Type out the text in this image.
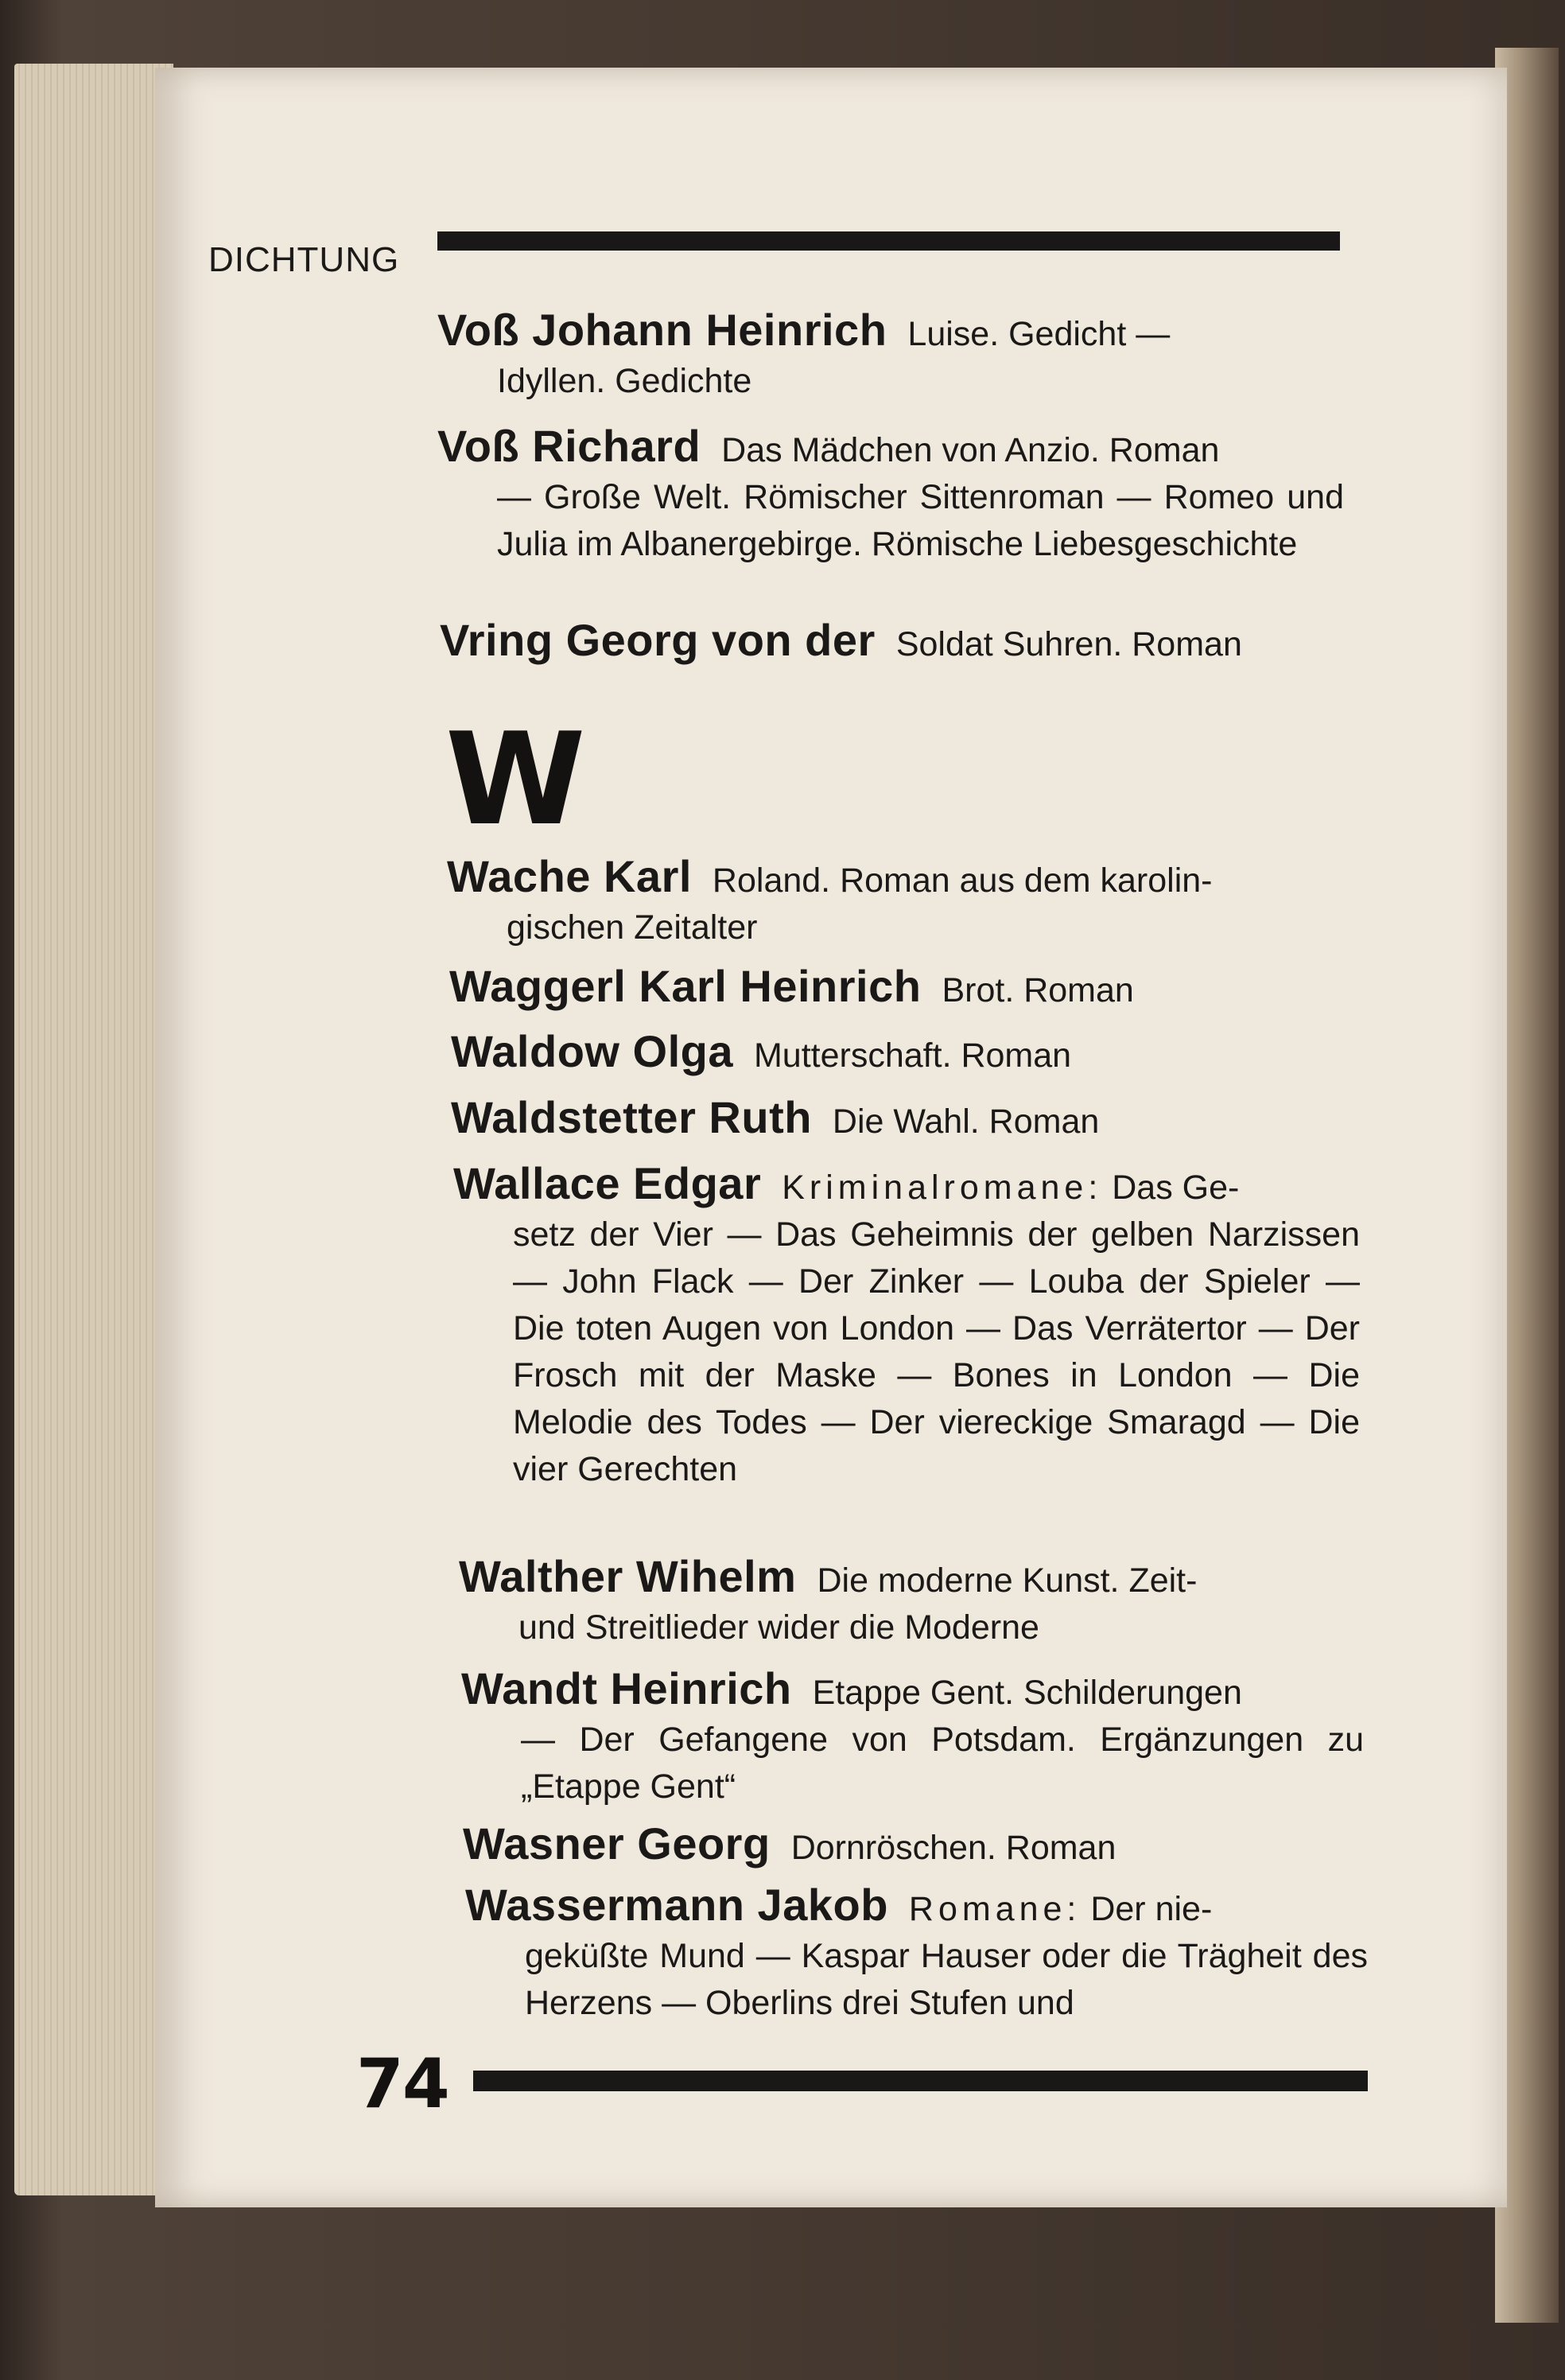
DICHTUNG
Voß Johann Heinrich Luise. Gedicht —
Idyllen. Gedichte
Voß Richard Das Mädchen von Anzio. Roman
— Große Welt. Römischer Sittenroman — Romeo und Julia im Albanergebirge. Römische Liebesgeschichte
Vring Georg von der Soldat Suhren. Roman
W
Wache Karl Roland. Roman aus dem karolin-
gischen Zeitalter
Waggerl Karl Heinrich Brot. Roman
Waldow Olga Mutterschaft. Roman
Waldstetter Ruth Die Wahl. Roman
Wallace Edgar Kriminalromane: Das Ge-
setz der Vier — Das Geheimnis der gelben Narzissen — John Flack — Der Zinker — Louba der Spieler — Die toten Augen von London — Das Verrätertor — Der Frosch mit der Maske — Bones in London — Die Melodie des Todes — Der viereckige Smaragd — Die vier Gerechten
Walther Wihelm Die moderne Kunst. Zeit-
und Streitlieder wider die Moderne
Wandt Heinrich Etappe Gent. Schilderungen
— Der Gefangene von Potsdam. Ergänzungen zu „Etappe Gent“
Wasner Georg Dornröschen. Roman
Wassermann Jakob Romane: Der nie-
geküßte Mund — Kaspar Hauser oder die Trägheit des Herzens — Oberlins drei Stufen und
74
